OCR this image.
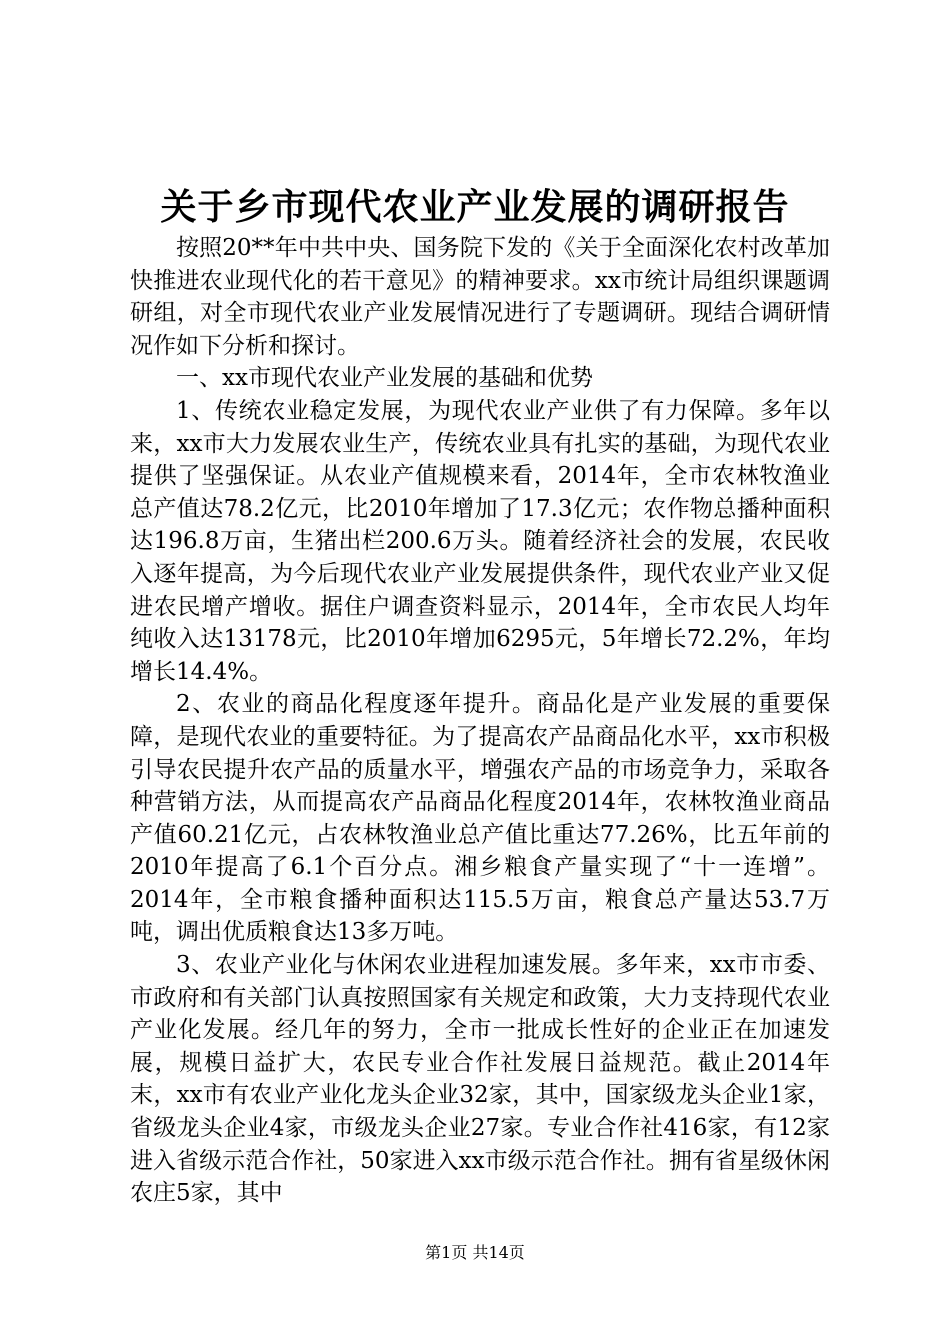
关于乡市现代农业产业发展的调研报告

按照20**年中共中央、国务院下发的《关于全面深化农村改革加快推进农业现代化的若干意见》的精神要求。xx市统计局组织课题调研组，对全市现代农业产业发展情况进行了专题调研。现结合调研情况作如下分析和探讨。

一、xx市现代农业产业发展的基础和优势

1、传统农业稳定发展，为现代农业产业供了有力保障。多年以来，xx市大力发展农业生产，传统农业具有扎实的基础，为现代农业提供了坚强保证。从农业产值规模来看，2014年，全市农林牧渔业总产值达78.2亿元，比2010年增加了17.3亿元；农作物总播种面积达196.8万亩，生猪出栏200.6万头。随着经济社会的发展，农民收入逐年提高，为今后现代农业产业发展提供条件，现代农业产业又促进农民增产增收。据住户调查资料显示，2014年，全市农民人均年纯收入达13178元，比2010年增加6295元，5年增长72.2%，年均增长14.4%。

2、农业的商品化程度逐年提升。商品化是产业发展的重要保障，是现代农业的重要特征。为了提高农产品商品化水平，xx市积极引导农民提升农产品的质量水平，增强农产品的市场竞争力，采取各种营销方法，从而提高农产品商品化程度2014年，农林牧渔业商品产值60.21亿元，占农林牧渔业总产值比重达77.26%，比五年前的2010年提高了6.1个百分点。湘乡粮食产量实现了“十一连增”。2014年，全市粮食播种面积达115.5万亩，粮食总产量达53.7万吨，调出优质粮食达13多万吨。

3、农业产业化与休闲农业进程加速发展。多年来，xx市市委、市政府和有关部门认真按照国家有关规定和政策，大力支持现代农业产业化发展。经几年的努力，全市一批成长性好的企业正在加速发展，规模日益扩大，农民专业合作社发展日益规范。截止2014年末，xx市有农业产业化龙头企业32家，其中，国家级龙头企业1家，省级龙头企业4家，市级龙头企业27家。专业合作社416家，有12家进入省级示范合作社，50家进入xx市级示范合作社。拥有省星级休闲农庄5家，其中

第1页 共14页
